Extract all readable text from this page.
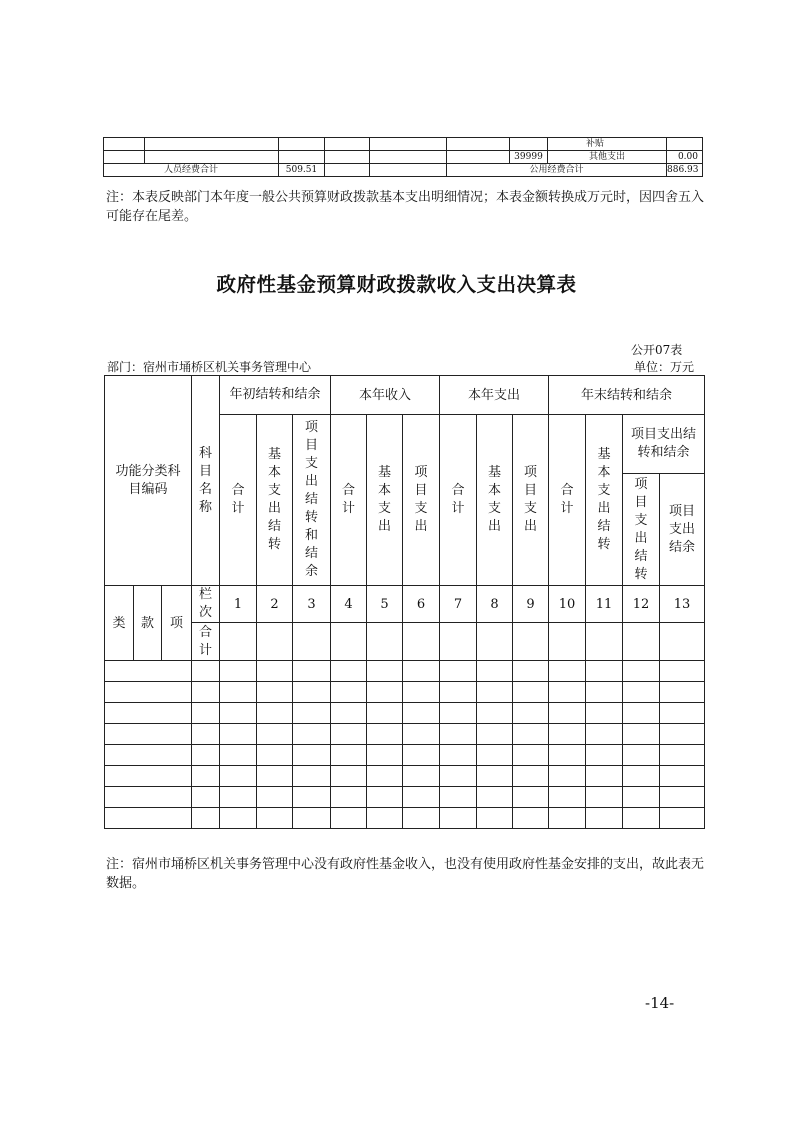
							补贴	
						39999	其他支出	0.00
人员经费合计		509.51			公用经费合计			886.93
注：本表反映部门本年度一般公共预算财政拨款基本支出明细情况；本表金额转换成万元时，因四舍五入可能存在尾差。
政府性基金预算财政拨款收入支出决算表
公开07表
部门：宿州市埇桥区机关事务管理中心	单位：万元
功能分类科目编码			科目名称	年初结转和结余			本年收入			本年支出			年末结转和结余			
				合计	基本支出结转	项目支出结转和结余	合计	基本支出	项目支出	合计	基本支出	项目支出	合计	基本支出结转	项目支出结转和结余	

															项目支出结转	项目支出结余

类	款	项	栏次	1	2	3	4	5	6	7	8	9	10	11	12	13
			合计													

注：宿州市埇桥区机关事务管理中心没有政府性基金收入，也没有使用政府性基金安排的支出，故此表无数据。
-14-
